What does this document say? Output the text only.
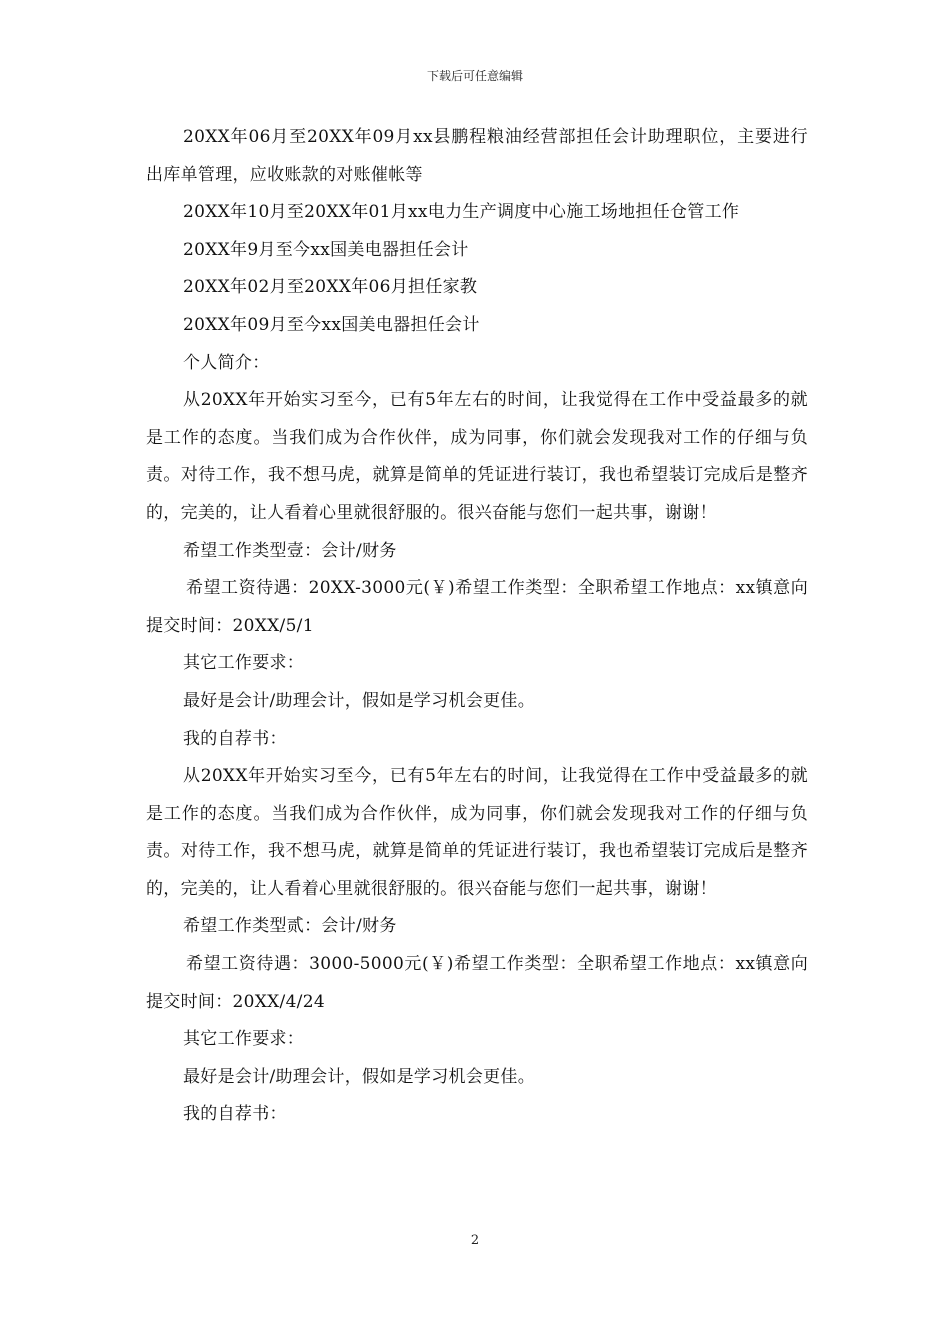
下载后可任意编辑

20XX年06月至20XX年09月xx县鹏程粮油经营部担任会计助理职位，主要进行出库单管理，应收账款的对账催帐等

20XX年10月至20XX年01月xx电力生产调度中心施工场地担任仓管工作

20XX年9月至今xx国美电器担任会计

20XX年02月至20XX年06月担任家教

20XX年09月至今xx国美电器担任会计

个人简介：

从20XX年开始实习至今，已有5年左右的时间，让我觉得在工作中受益最多的就是工作的态度。当我们成为合作伙伴，成为同事，你们就会发现我对工作的仔细与负责。对待工作，我不想马虎，就算是简单的凭证进行装订，我也希望装订完成后是整齐的，完美的，让人看着心里就很舒服的。很兴奋能与您们一起共事，谢谢！

希望工作类型壹：会计/财务

希望工资待遇：20XX-3000元(￥)希望工作类型：全职希望工作地点：xx镇意向提交时间：20XX/5/1

其它工作要求：

最好是会计/助理会计，假如是学习机会更佳。

我的自荐书：

从20XX年开始实习至今，已有5年左右的时间，让我觉得在工作中受益最多的就是工作的态度。当我们成为合作伙伴，成为同事，你们就会发现我对工作的仔细与负责。对待工作，我不想马虎，就算是简单的凭证进行装订，我也希望装订完成后是整齐的，完美的，让人看着心里就很舒服的。很兴奋能与您们一起共事，谢谢！

希望工作类型贰：会计/财务

希望工资待遇：3000-5000元(￥)希望工作类型：全职希望工作地点：xx镇意向提交时间：20XX/4/24

其它工作要求：

最好是会计/助理会计，假如是学习机会更佳。

我的自荐书：

2
